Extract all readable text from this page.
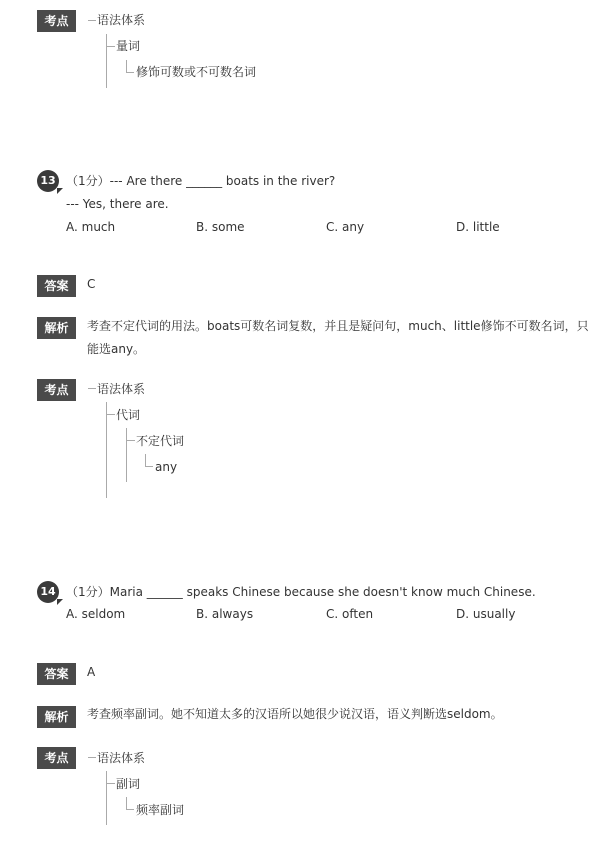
考点	语法体系
量词
修饰可数或不可数名词
13 （1分）--- Are there ______ boats in the river?
--- Yes, there are.
A. much	B. some	C. any	D. little
答案	C
解析	考查不定代词的用法。boats可数名词复数，并且是疑问句，much、little修饰不可数名词，只
能选any。
考点	语法体系
代词
不定代词
any
14 （1分）Maria ______ speaks Chinese because she doesn't know much Chinese.
A. seldom	B. always	C. often	D. usually
答案	A
解析	考查频率副词。她不知道太多的汉语所以她很少说汉语，语义判断选seldom。
考点	语法体系
副词
频率副词
